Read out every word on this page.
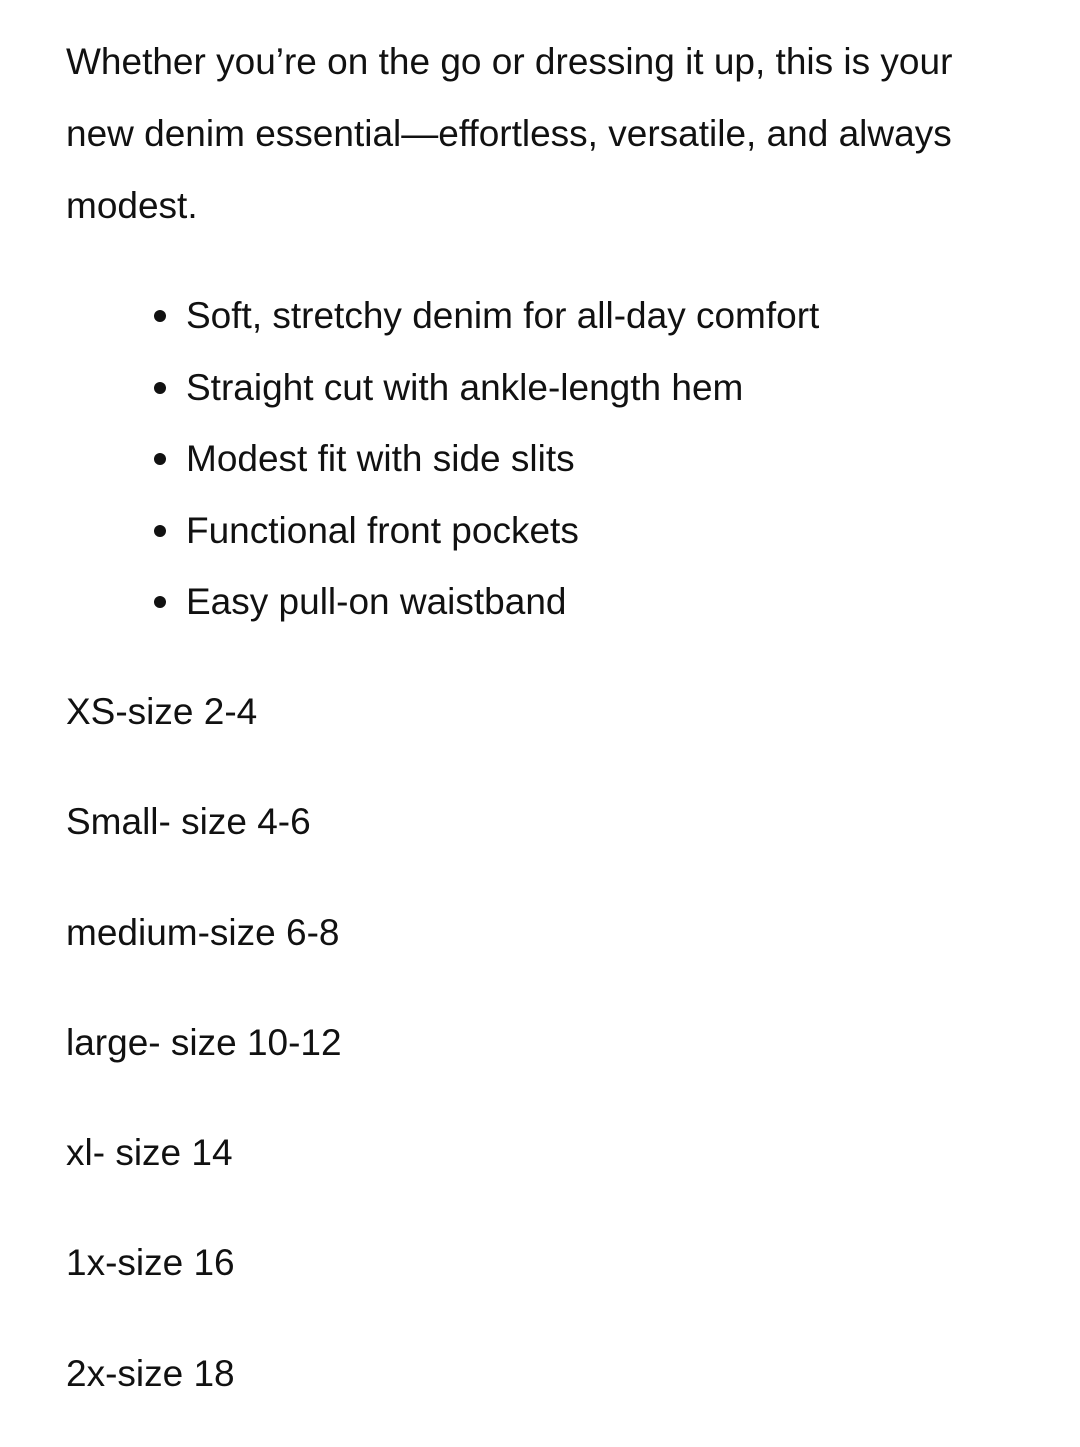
Whether you’re on the go or dressing it up, this is your new denim essential—effortless, versatile, and always modest.

Soft, stretchy denim for all-day comfort
Straight cut with ankle-length hem
Modest fit with side slits
Functional front pockets
Easy pull-on waistband
XS-size 2-4
Small- size 4-6
medium-size 6-8
large- size 10-12
xl- size 14
1x-size 16
2x-size 18
